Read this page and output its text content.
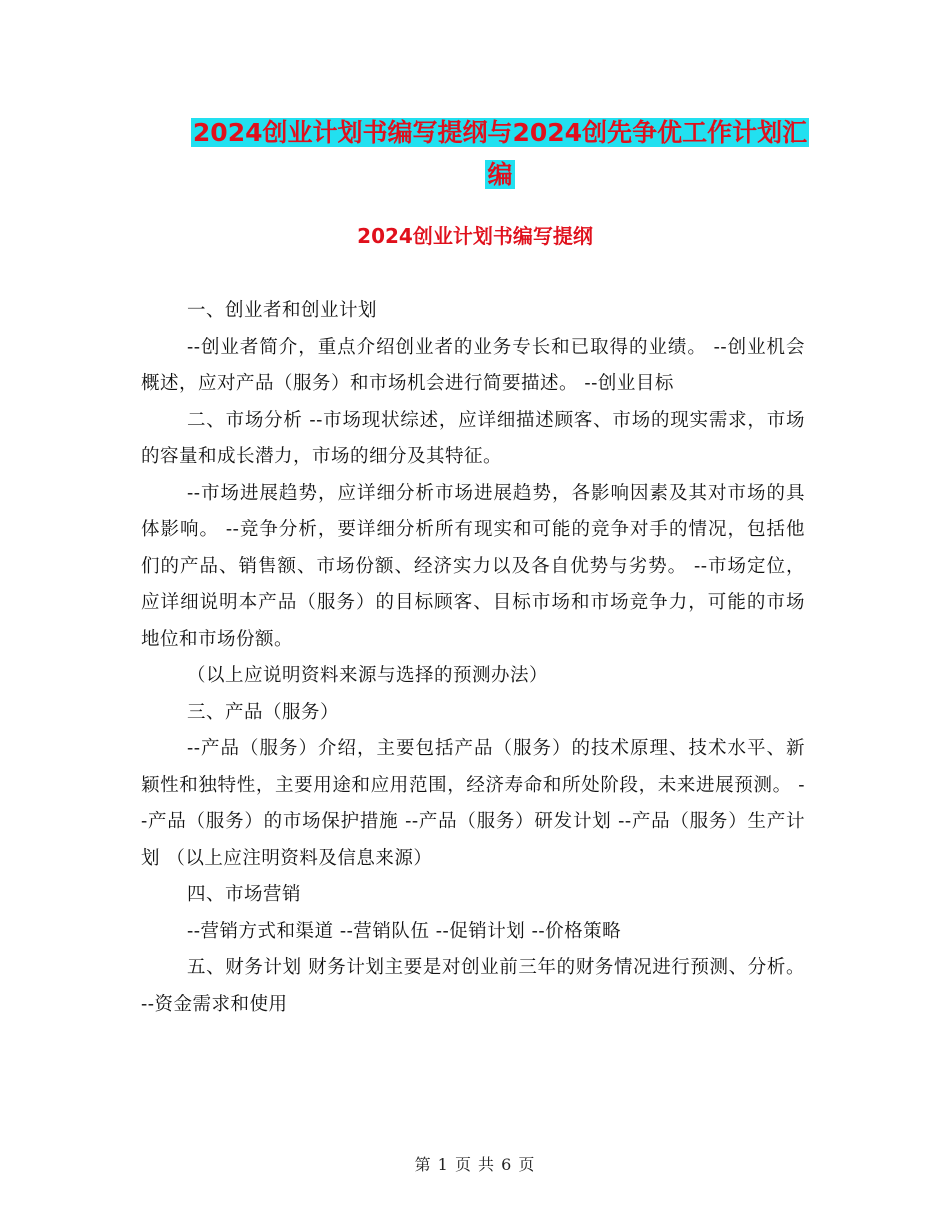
2024创业计划书编写提纲与2024创先争优工作计划汇
编
2024创业计划书编写提纲

一、创业者和创业计划

--创业者简介，重点介绍创业者的业务专长和已取得的业绩。 --创业机会概述，应对产品（服务）和市场机会进行简要描述。 --创业目标

二、市场分析 --市场现状综述，应详细描述顾客、市场的现实需求，市场的容量和成长潜力，市场的细分及其特征。

--市场进展趋势，应详细分析市场进展趋势，各影响因素及其对市场的具体影响。 --竞争分析，要详细分析所有现实和可能的竞争对手的情况，包括他们的产品、销售额、市场份额、经济实力以及各自优势与劣势。 --市场定位，应详细说明本产品（服务）的目标顾客、目标市场和市场竞争力，可能的市场地位和市场份额。

（以上应说明资料来源与选择的预测办法）

三、产品（服务）

--产品（服务）介绍，主要包括产品（服务）的技术原理、技术水平、新颖性和独特性，主要用途和应用范围，经济寿命和所处阶段，未来进展预测。 --产品（服务）的市场保护措施 --产品（服务）研发计划 --产品（服务）生产计划 （以上应注明资料及信息来源）

四、市场营销

--营销方式和渠道 --营销队伍 --促销计划 --价格策略

五、财务计划 财务计划主要是对创业前三年的财务情况进行预测、分析。 --资金需求和使用

第 1 页 共 6 页
